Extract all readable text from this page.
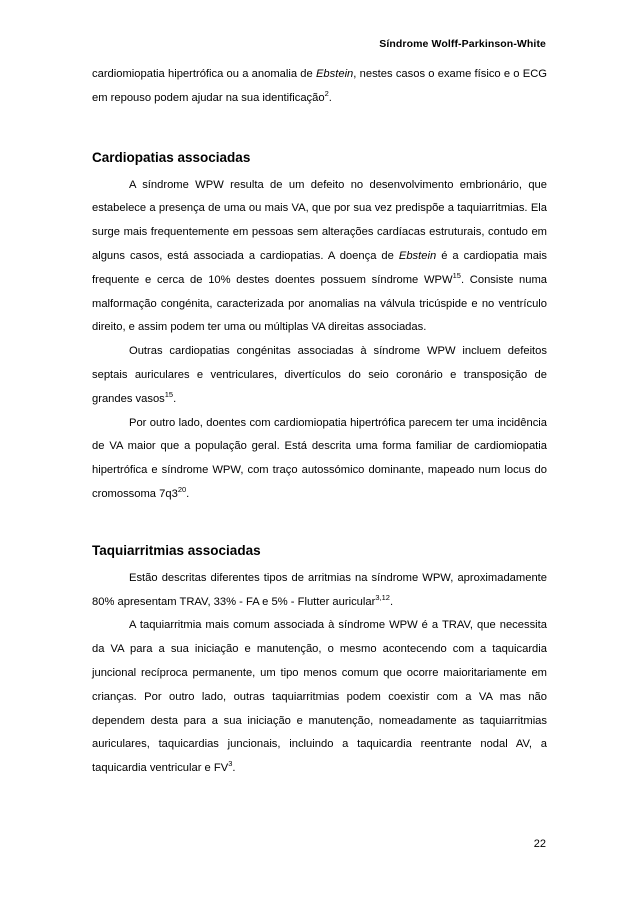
Síndrome Wolff-Parkinson-White

cardiomiopatia hipertrófica ou a anomalia de Ebstein, nestes casos o exame físico e o ECG em repouso podem ajudar na sua identificação$^2$.

Cardiopatias associadas

A síndrome WPW resulta de um defeito no desenvolvimento embrionário, que estabelece a presença de uma ou mais VA, que por sua vez predispõe a taquiarritmias. Ela surge mais frequentemente em pessoas sem alterações cardíacas estruturais, contudo em alguns casos, está associada a cardiopatias. A doença de Ebstein é a cardiopatia mais frequente e cerca de 10% destes doentes possuem síndrome WPW$^{15}$. Consiste numa malformação congénita, caracterizada por anomalias na válvula tricúspide e no ventrículo direito, e assim podem ter uma ou múltiplas VA direitas associadas.

Outras cardiopatias congénitas associadas à síndrome WPW incluem defeitos septais auriculares e ventriculares, divertículos do seio coronário e transposição de grandes vasos$^{15}$.

Por outro lado, doentes com cardiomiopatia hipertrófica parecem ter uma incidência de VA maior que a população geral. Está descrita uma forma familiar de cardiomiopatia hipertrófica e síndrome WPW, com traço autossómico dominante, mapeado num locus do cromossoma $7q3^{20}$.

Taquiarritmias associadas

Estão descritas diferentes tipos de arritmias na síndrome WPW, aproximadamente 80% apresentam TRAV, 33% - FA e 5% - Flutter auricular$^{3,12}$.

A taquiarritmia mais comum associada à síndrome WPW é a TRAV, que necessita da VA para a sua iniciação e manutenção, o mesmo acontecendo com a taquicardia juncional recíproca permanente, um tipo menos comum que ocorre maioritariamente em crianças. Por outro lado, outras taquiarritmias podem coexistir com a VA mas não dependem desta para a sua iniciação e manutenção, nomeadamente as taquiarritmias auriculares, taquicardias juncionais, incluindo a taquicardia reentrante nodal AV, a taquicardia ventricular e $FV^3$.

22
